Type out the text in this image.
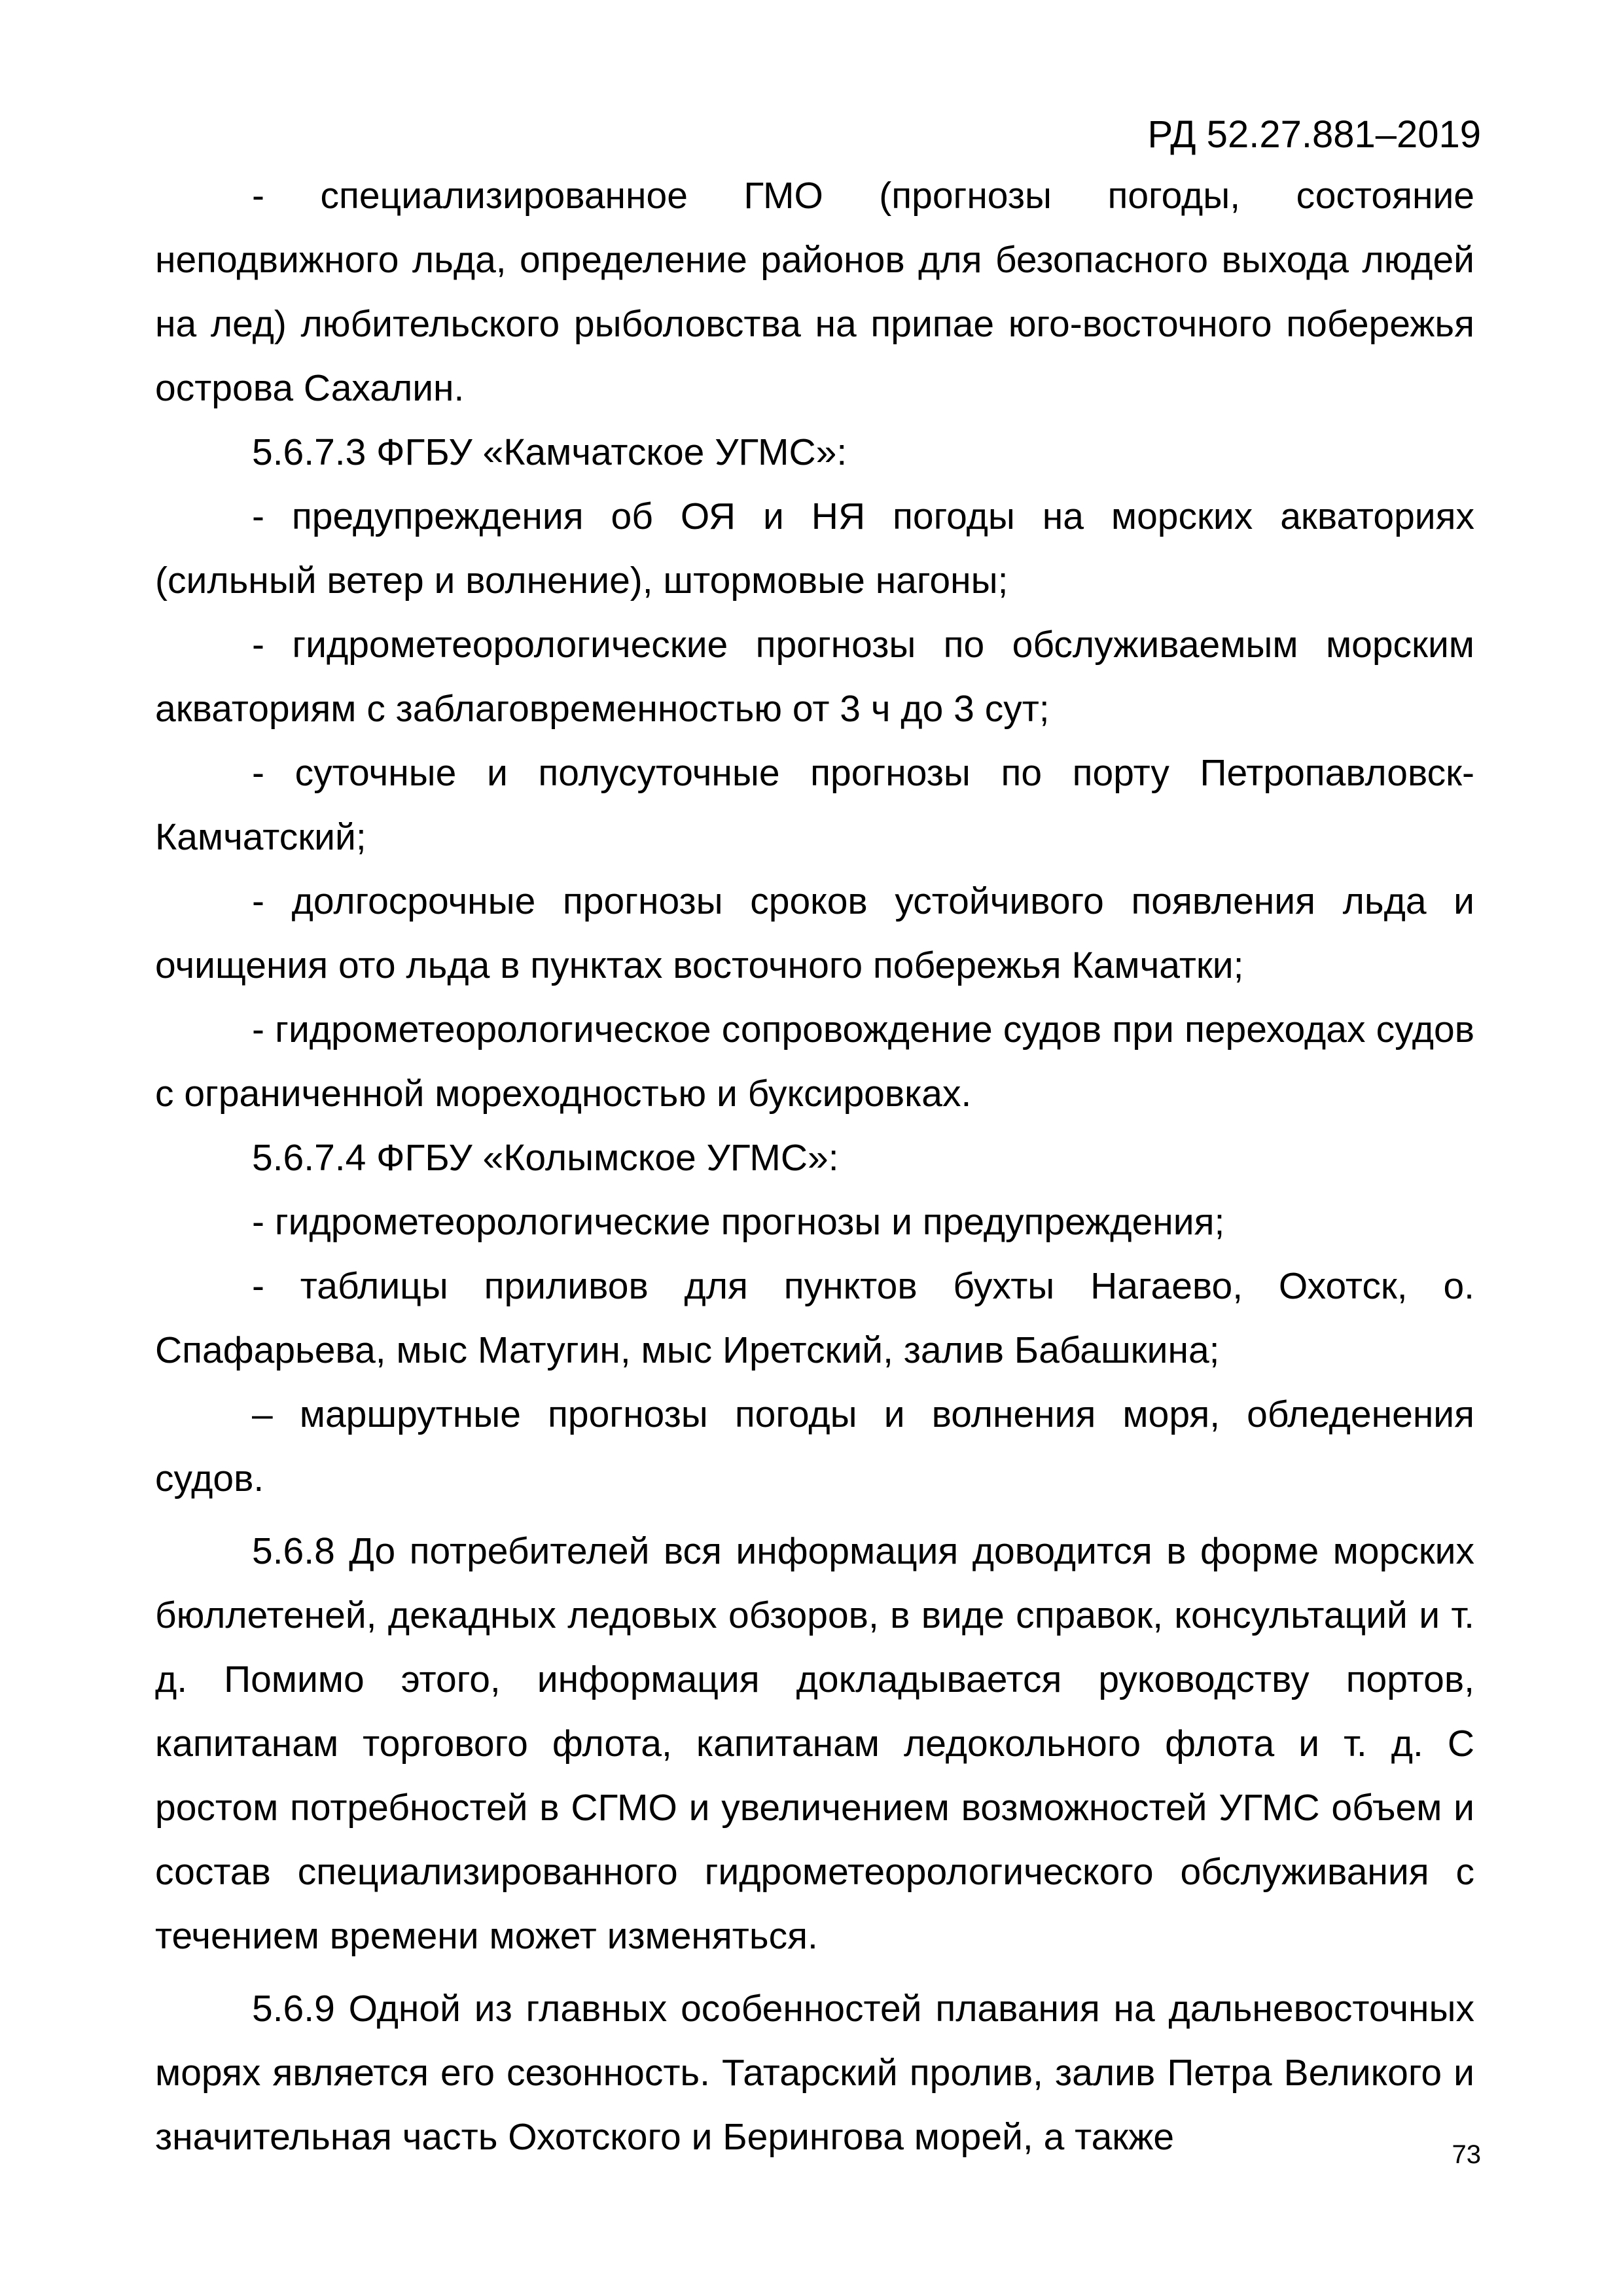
РД 52.27.881–2019

- специализированное ГМО (прогнозы погоды, состояние неподвижного льда, определение районов для безопасного выхода людей на лед) любительского рыболовства на припае юго-восточного побережья острова Сахалин.

5.6.7.3 ФГБУ «Камчатское УГМС»:

- предупреждения об ОЯ и НЯ погоды на морских акваториях (сильный ветер и волнение), штормовые нагоны;

- гидрометеорологические прогнозы по обслуживаемым морским акваториям с заблаговременностью от 3 ч до 3 сут;

- суточные и полусуточные прогнозы по порту Петропавловск-Камчатский;

- долгосрочные прогнозы сроков устойчивого появления льда и очищения ото льда в пунктах восточного побережья Камчатки;

- гидрометеорологическое сопровождение судов при переходах судов с ограниченной мореходностью и буксировках.

5.6.7.4 ФГБУ «Колымское УГМС»:

- гидрометеорологические прогнозы и предупреждения;

- таблицы приливов для пунктов бухты Нагаево, Охотск, о. Спафарьева, мыс Матугин, мыс Иретский, залив Бабашкина;

– маршрутные прогнозы погоды и волнения моря, обледенения судов.

5.6.8 До потребителей вся информация доводится в форме морских бюллетеней, декадных ледовых обзоров, в виде справок, консультаций и т. д. Помимо этого, информация докладывается руководству портов, капитанам торгового флота, капитанам ледокольного флота и т. д. С ростом потребностей в СГМО и увеличением возможностей УГМС объем и состав специализированного гидрометеорологического обслуживания с течением времени может изменяться.

5.6.9 Одной из главных особенностей плавания на дальневосточных морях является его сезонность. Татарский пролив, залив Петра Великого и значительная часть Охотского и Берингова морей, а также	73
